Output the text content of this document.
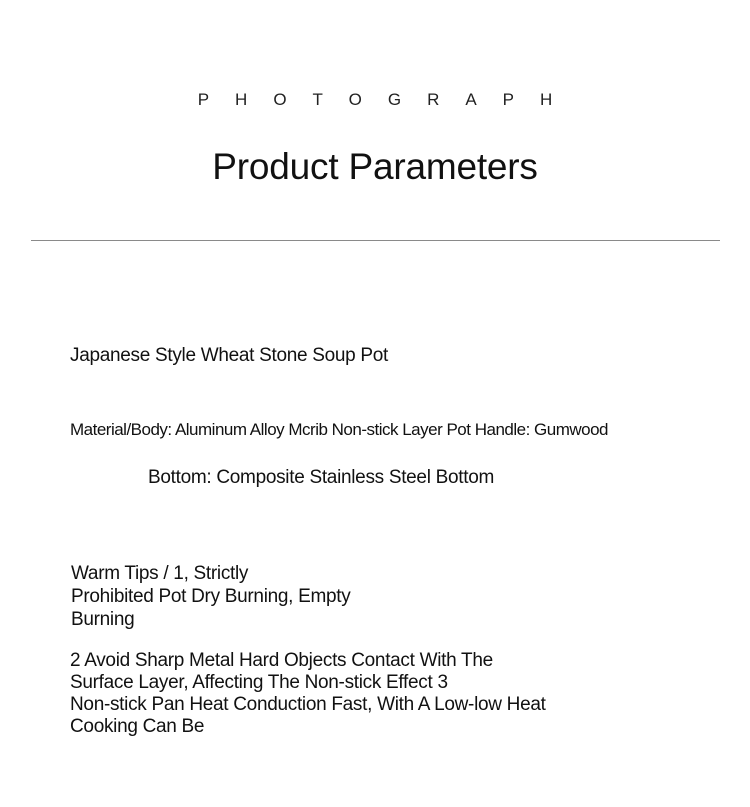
PHOTOGRAPH
Product Parameters
Japanese Style Wheat Stone Soup Pot
Material/Body: Aluminum Alloy Mcrib Non-stick Layer Pot Handle: Gumwood
Bottom: Composite Stainless Steel Bottom
Warm Tips / 1, Strictly
Prohibited Pot Dry Burning, Empty
Burning
2 Avoid Sharp Metal Hard Objects Contact With The
Surface Layer, Affecting The Non-stick Effect 3
Non-stick Pan Heat Conduction Fast, With A Low-low Heat
Cooking Can Be
